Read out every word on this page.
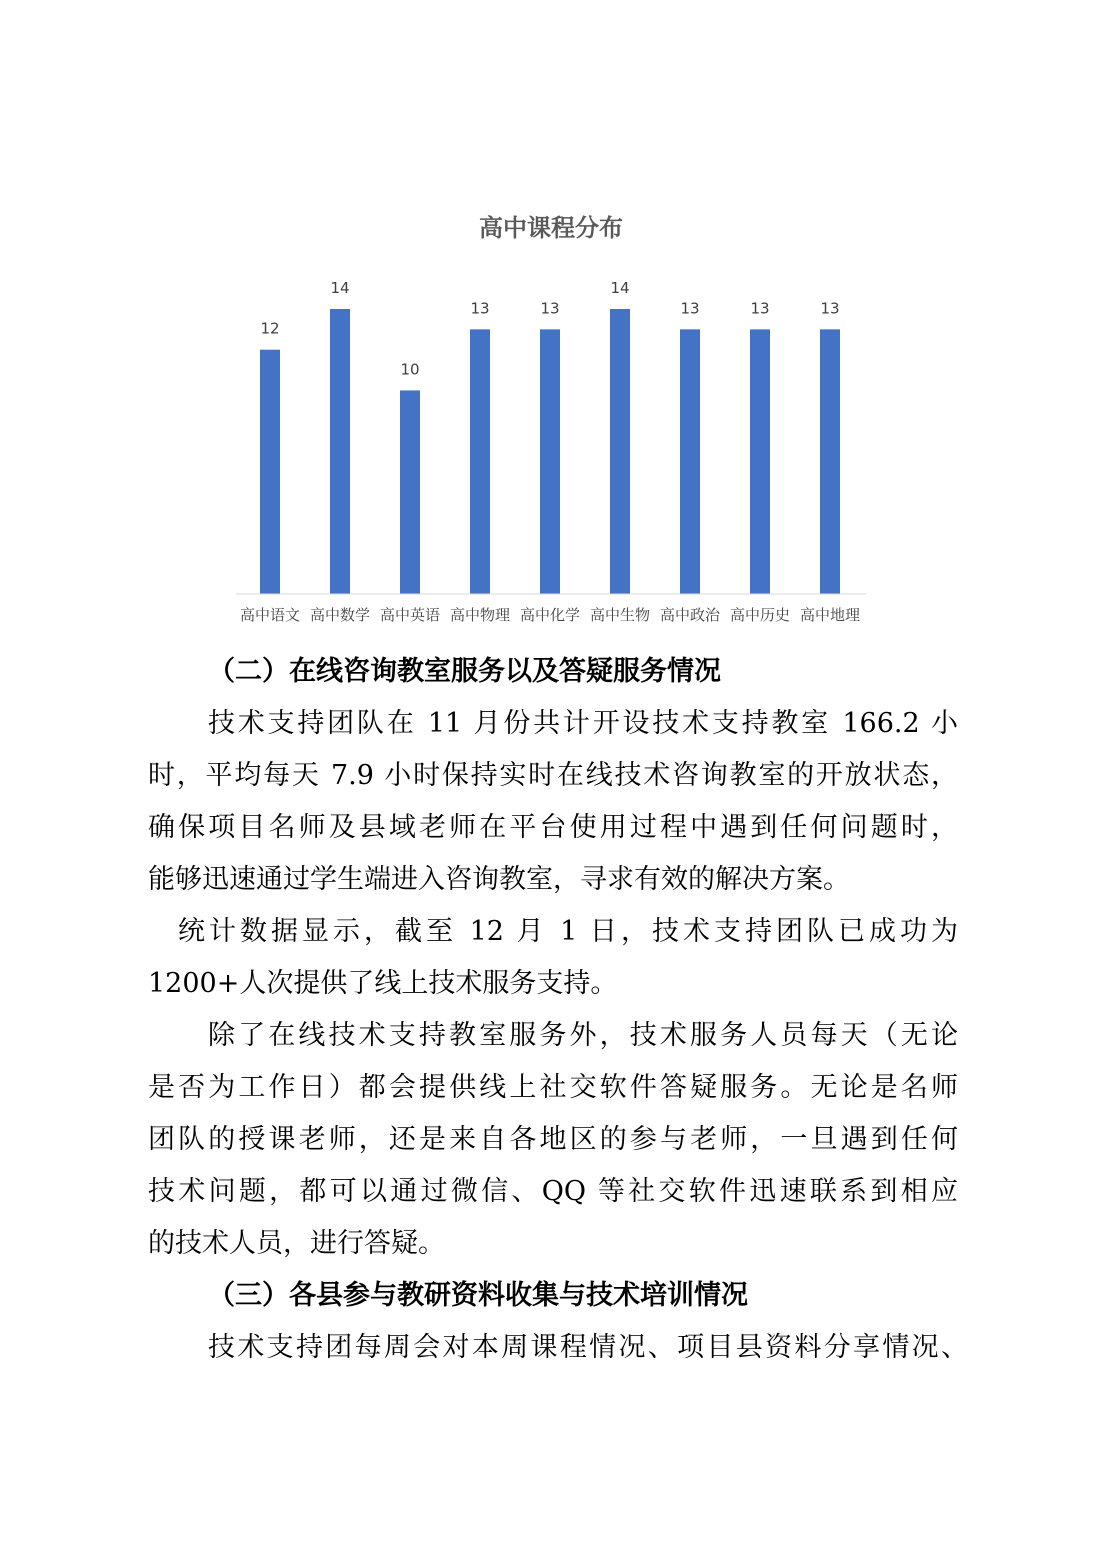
高中课程分布
12
14
10
13	13
14
13	13	13
高中语文 高中数学 高中英语 高中物理 高中化学 高中生物 高中政治 高中历史 高中地理
（二）在线咨询教室服务以及答疑服务情况
技术支持团队在 11 月份共计开设技术支持教室 166.2 小
时，平均每天 7.9 小时保持实时在线技术咨询教室的开放状态，
确保项目名师及县域老师在平台使用过程中遇到任何问题时，
能够迅速通过学生端进入咨询教室，寻求有效的解决方案。
统计数据显示，截至 12 月 1 日，技术支持团队已成功为
1200+人次提供了线上技术服务支持。
除了在线技术支持教室服务外，技术服务人员每天（无论
是否为工作日）都会提供线上社交软件答疑服务。无论是名师
团队的授课老师，还是来自各地区的参与老师，一旦遇到任何
技术问题，都可以通过微信、QQ 等社交软件迅速联系到相应
的技术人员，进行答疑。
（三）各县参与教研资料收集与技术培训情况
技术支持团每周会对本周课程情况、项目县资料分享情况、
